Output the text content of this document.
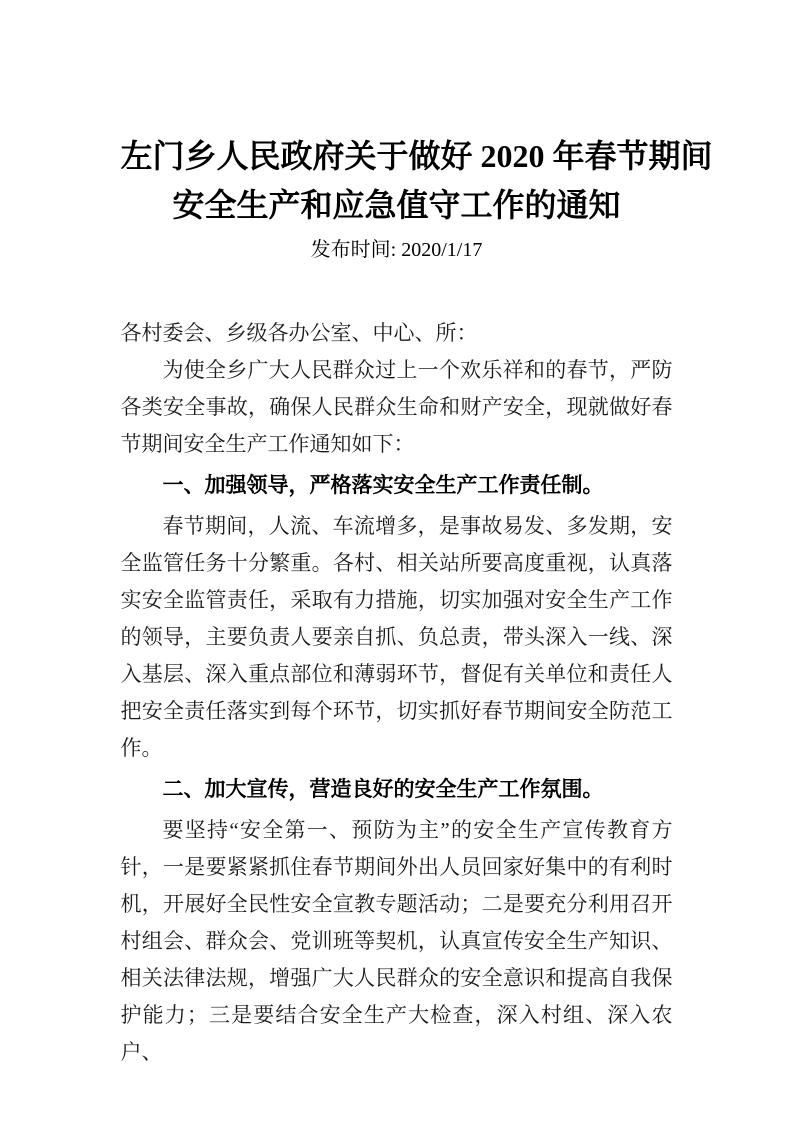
左门乡人民政府关于做好 2020 年春节期间
安全生产和应急值守工作的通知
发布时间: 2020/1/17

各村委会、乡级各办公室、中心、所：

为使全乡广大人民群众过上一个欢乐祥和的春节，严防各类安全事故，确保人民群众生命和财产安全，现就做好春节期间安全生产工作通知如下：

一、加强领导，严格落实安全生产工作责任制。

春节期间，人流、车流增多，是事故易发、多发期，安全监管任务十分繁重。各村、相关站所要高度重视，认真落实安全监管责任，采取有力措施，切实加强对安全生产工作的领导，主要负责人要亲自抓、负总责，带头深入一线、深入基层、深入重点部位和薄弱环节，督促有关单位和责任人把安全责任落实到每个环节，切实抓好春节期间安全防范工作。

二、加大宣传，营造良好的安全生产工作氛围。

要坚持“安全第一、预防为主”的安全生产宣传教育方针，一是要紧紧抓住春节期间外出人员回家好集中的有利时机，开展好全民性安全宣教专题活动；二是要充分利用召开村组会、群众会、党训班等契机，认真宣传安全生产知识、相关法律法规，增强广大人民群众的安全意识和提高自我保护能力；三是要结合安全生产大检查，深入村组、深入农户、
